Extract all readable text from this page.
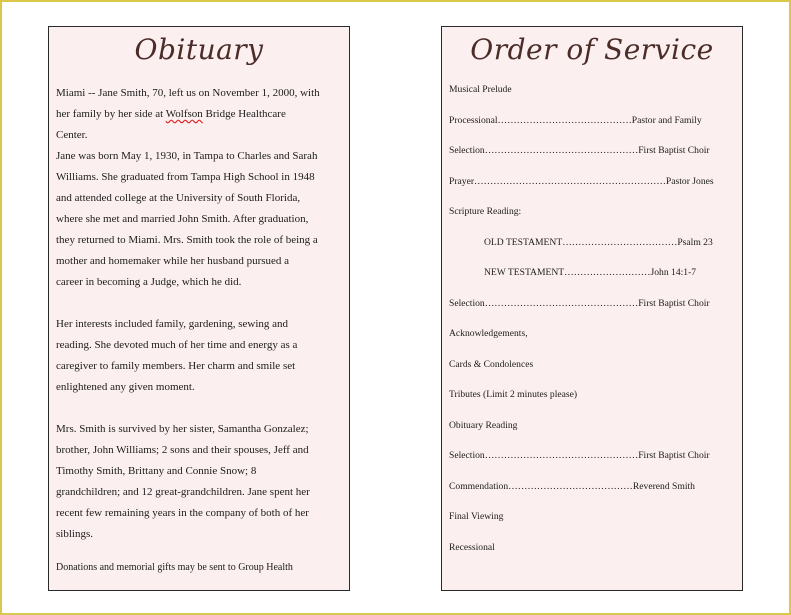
Obituary
Miami -- Jane Smith, 70, left us on November 1, 2000, with
her family by her side at Wolfson Bridge Healthcare
Center.
Jane was born May 1, 1930, in Tampa to Charles and Sarah
Williams. She graduated from Tampa High School in 1948
and attended college at the University of South Florida,
where she met and married John Smith. After graduation,
they returned to Miami. Mrs. Smith took the role of being a
mother and homemaker while her husband pursued a
career in becoming a Judge, which he did.
Her interests included family, gardening, sewing and
reading. She devoted much of her time and energy as a
caregiver to family members. Her charm and smile set
enlightened any given moment.
Mrs. Smith is survived by her sister, Samantha Gonzalez;
brother, John Williams; 2 sons and their spouses, Jeff and
Timothy Smith, Brittany and Connie Snow; 8
grandchildren; and 12 great-grandchildren. Jane spent her
recent few remaining years in the company of both of her
siblings.
Donations and memorial gifts may be sent to Group Health
Order of Service
Musical Prelude
Processional……………………………………Pastor and Family
Selection…………………………………………First Baptist Choir
Prayer……………………………………………………Pastor Jones
Scripture Reading:
OLD TESTAMENT………………………………Psalm 23
NEW TESTAMENT………………………John 14:1-7
Selection…………………………………………First Baptist Choir
Acknowledgements,
Cards & Condolences
Tributes (Limit 2 minutes please)
Obituary Reading
Selection…………………………………………First Baptist Choir
Commendation…………………………………Reverend Smith
Final Viewing
Recessional
